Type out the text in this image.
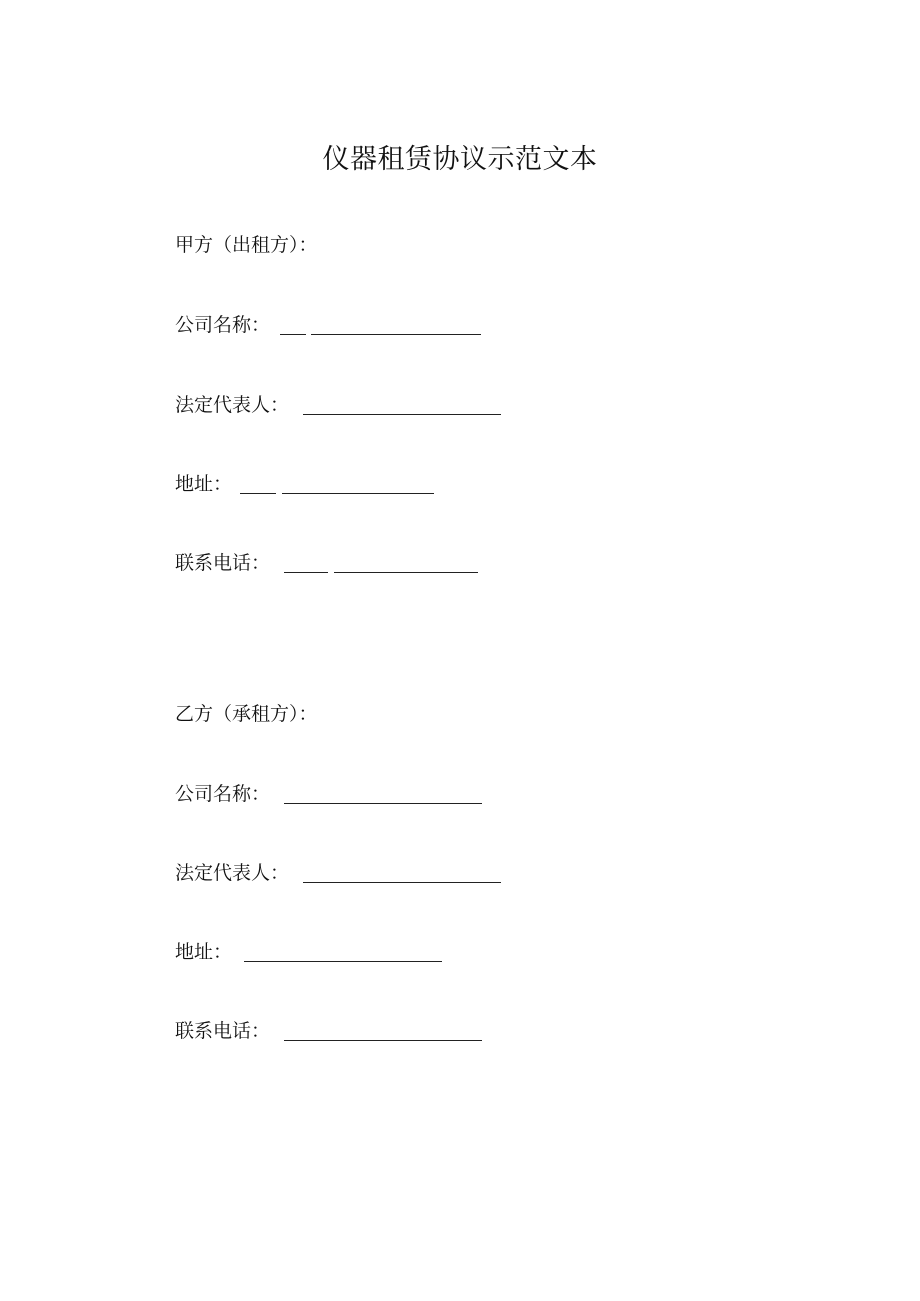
仪器租赁协议示范文本
甲方（出租方）：
公司名称：
法定代表人：
地址：
联系电话：
乙方（承租方）：
公司名称：
法定代表人：
地址：
联系电话：
